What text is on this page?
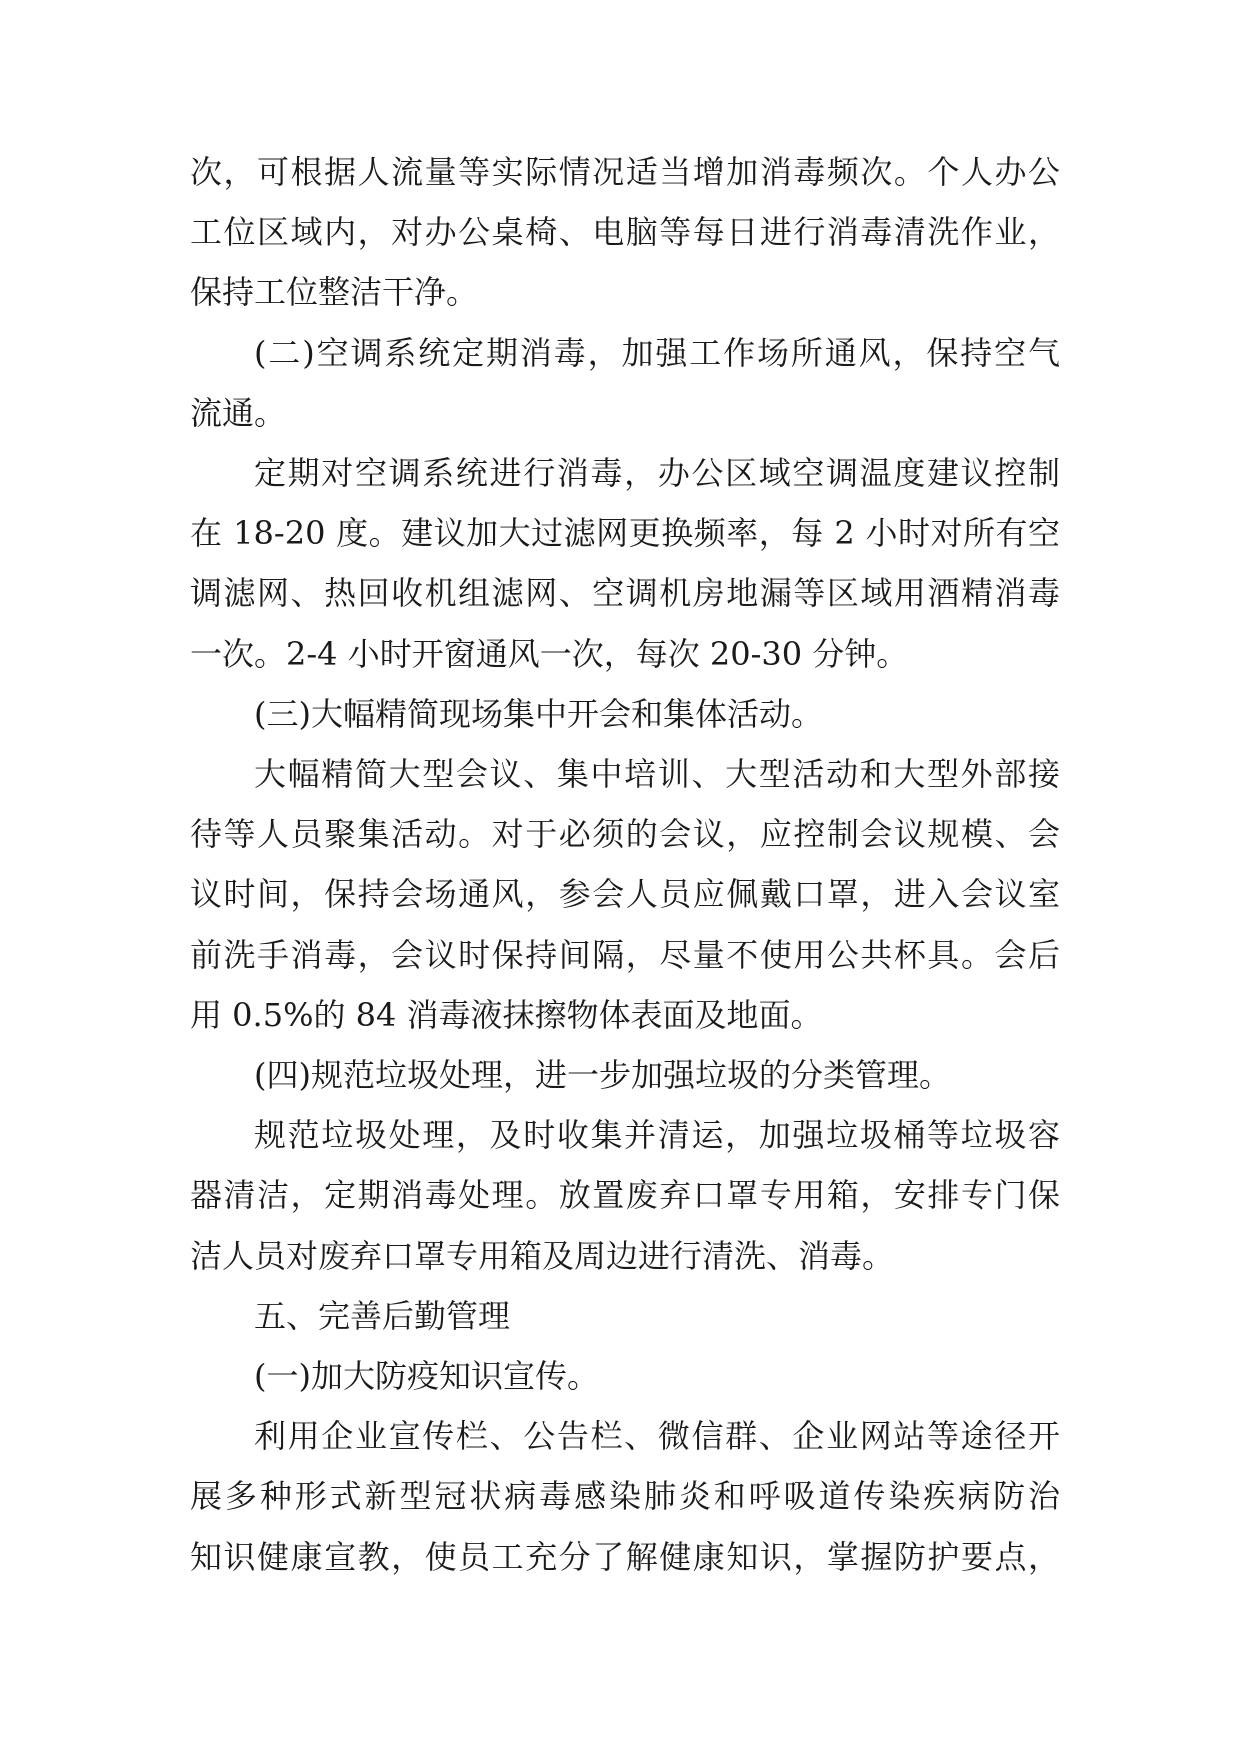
次，可根据人流量等实际情况适当增加消毒频次。个人办公
工位区域内，对办公桌椅、电脑等每日进行消毒清洗作业，
保持工位整洁干净。
(二)空调系统定期消毒，加强工作场所通风，保持空气
流通。
定期对空调系统进行消毒，办公区域空调温度建议控制
在 18-20 度。建议加大过滤网更换频率，每 2 小时对所有空
调滤网、热回收机组滤网、空调机房地漏等区域用酒精消毒
一次。2-4 小时开窗通风一次，每次 20-30 分钟。
(三)大幅精简现场集中开会和集体活动。
大幅精简大型会议、集中培训、大型活动和大型外部接
待等人员聚集活动。对于必须的会议，应控制会议规模、会
议时间，保持会场通风，参会人员应佩戴口罩，进入会议室
前洗手消毒，会议时保持间隔，尽量不使用公共杯具。会后
用 0.5%的 84 消毒液抹擦物体表面及地面。
(四)规范垃圾处理，进一步加强垃圾的分类管理。
规范垃圾处理，及时收集并清运，加强垃圾桶等垃圾容
器清洁，定期消毒处理。放置废弃口罩专用箱，安排专门保
洁人员对废弃口罩专用箱及周边进行清洗、消毒。
五、完善后勤管理
(一)加大防疫知识宣传。
利用企业宣传栏、公告栏、微信群、企业网站等途径开
展多种形式新型冠状病毒感染肺炎和呼吸道传染疾病防治
知识健康宣教，使员工充分了解健康知识，掌握防护要点，
